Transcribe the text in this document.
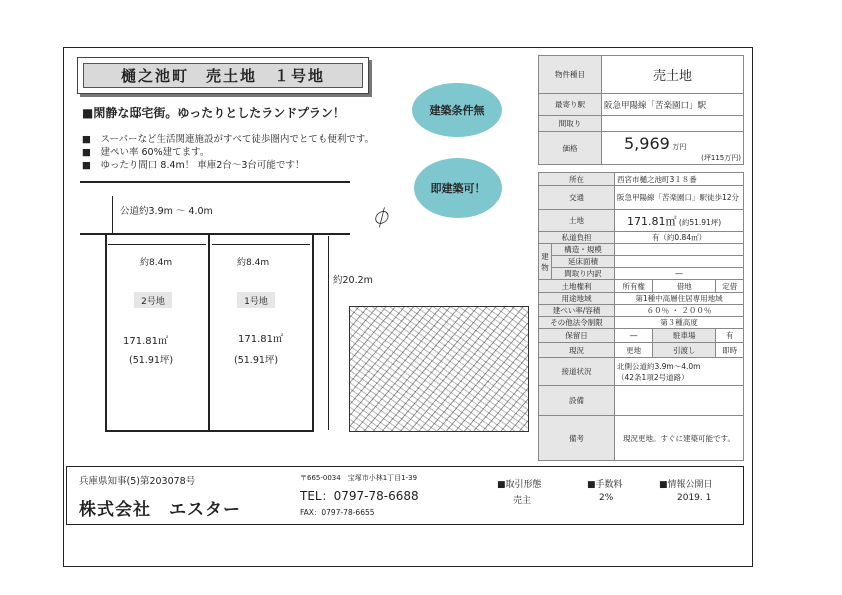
樋之池町　売土地　１号地
■閑静な邸宅街。ゆったりとしたランドプラン！
■　スーパーなど生活関連施設がすべて徒歩圏内でとても便利です。
■　建ぺい率 60%建てます。
■　ゆったり間口 8.4m！ 車庫2台～3台可能です！
建築条件無
即建築可！
公道約3.9m ～ 4.0m	⏀
約8.4m
2号地
171.81㎡
(51.91坪)
約8.4m
1号地
171.81㎡
(51.91坪)
約20.2m
物件種目	売土地
最寄り駅	阪急甲陽線「苦楽園口」駅
間取り	
価格	5,969 万円
(坪115万円)
所在		西宮市樋之池町3１８番		
交通		阪急甲陽線「苦楽園口」駅徒歩12分		
土地		171.81㎡ (約51.91坪)		
私道負担		有（約0.84㎡）		
建物	構造・規模			
	延床面積			
	間取り内訳	―		
土地権利		所有権	借地	定借
用途地域		第1種中高層住居専用地域		
建ぺい率/容積		６０％ ・ ２００％		
その他法令制限		第３種高度		
保留日		―	駐車場	有
現況		更地	引渡し	即時
接道状況		北側公道約3.9m～4.0m
（42条1項2号道路）		

設備				
備考		現況更地。すぐに建築可能です。		
兵庫県知事(5)第203078号
株式会社　エスター
〒665-0034　宝塚市小林1丁目1-39
TEL：0797-78-6688
FAX：0797-78-6655
■取引形態
売主
■手数料
2%
■情報公開日
2019. 1
